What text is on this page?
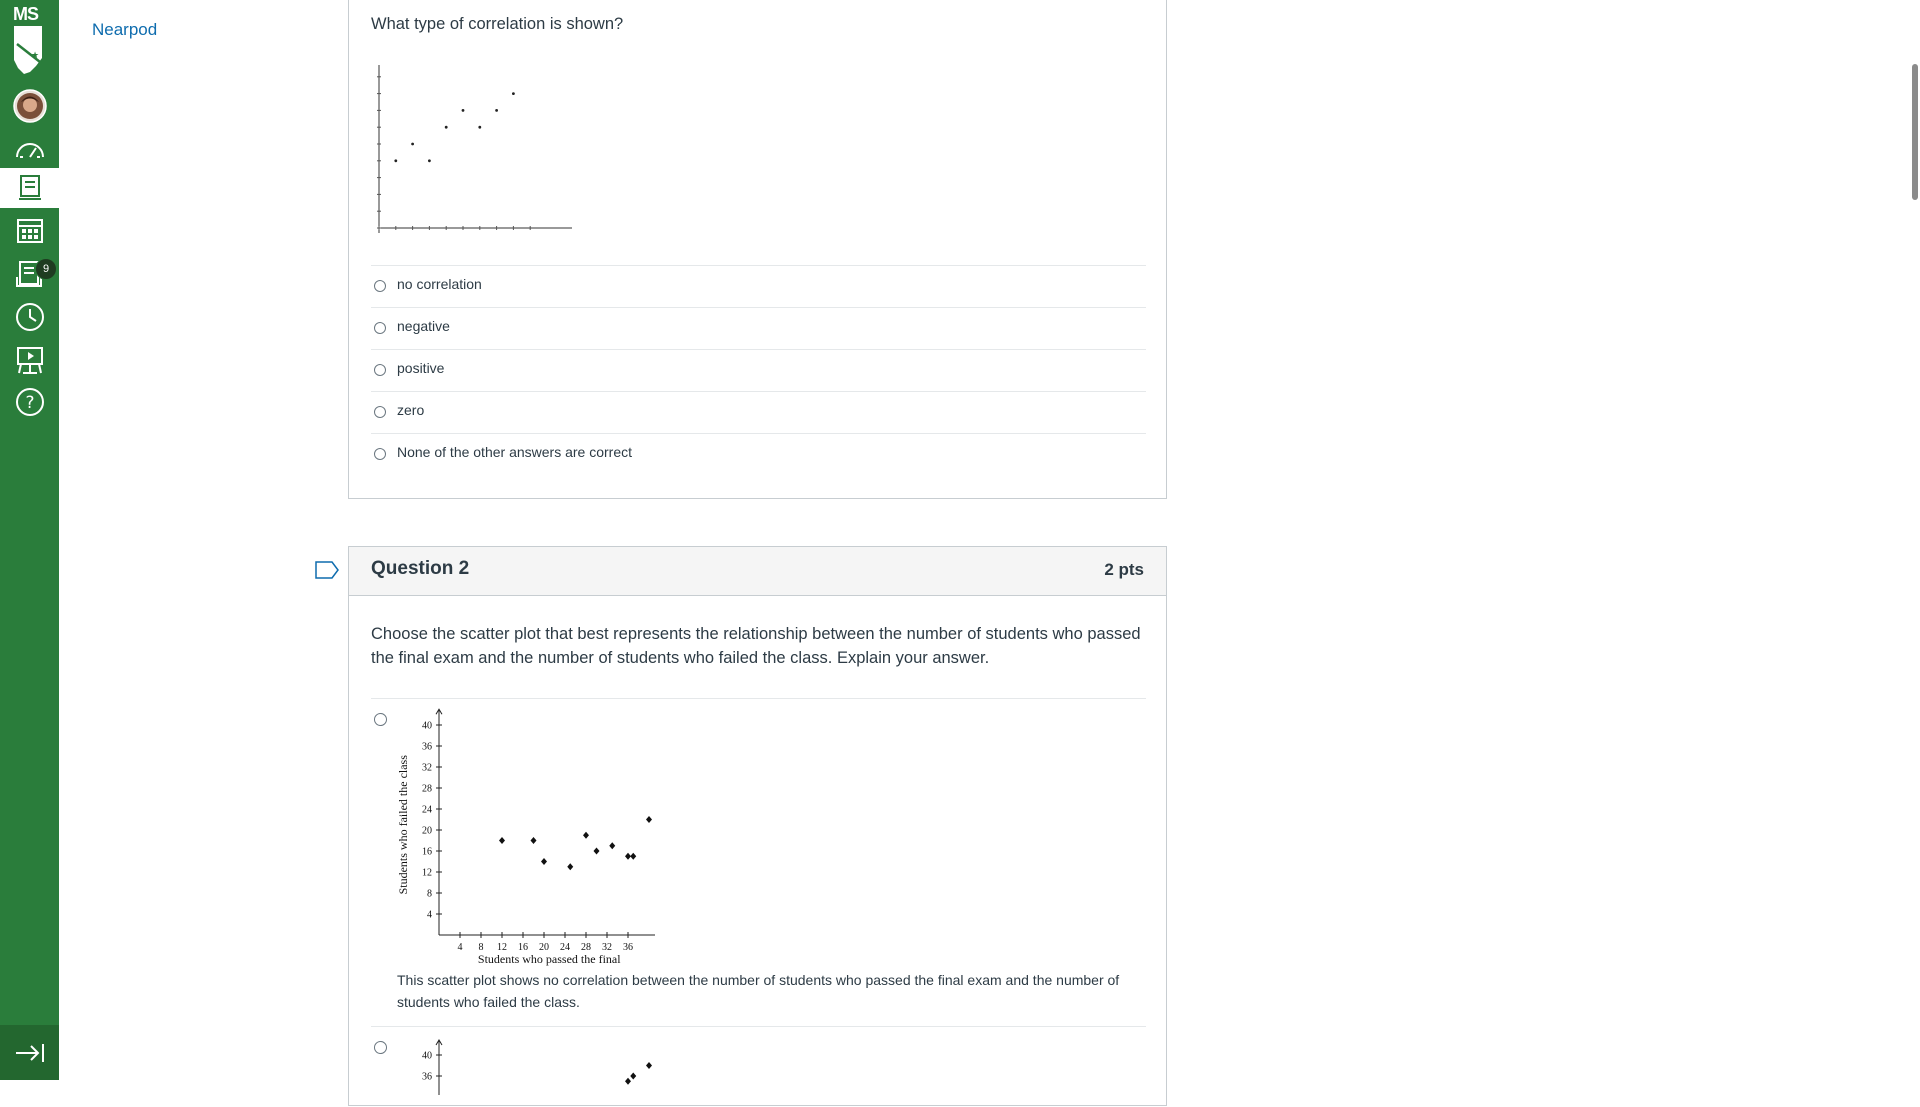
MS
★
9
?
Nearpod	What type of correlation is shown?
no correlation
negative
positive
zero
None of the other answers are correct
Question 2	2 pts
Choose the scatter plot that best represents the relationship between the number of students who passed the final exam and the number of students who failed the class. Explain your answer.
4 8 12 16 20 24 28 32 36
4
8
12
16
20
24
28
32
36
40
Students who passed the final
Students who failed the class
This scatter plot shows no correlation between the number of students who passed the final exam and the number of students who failed the class.
40
36
